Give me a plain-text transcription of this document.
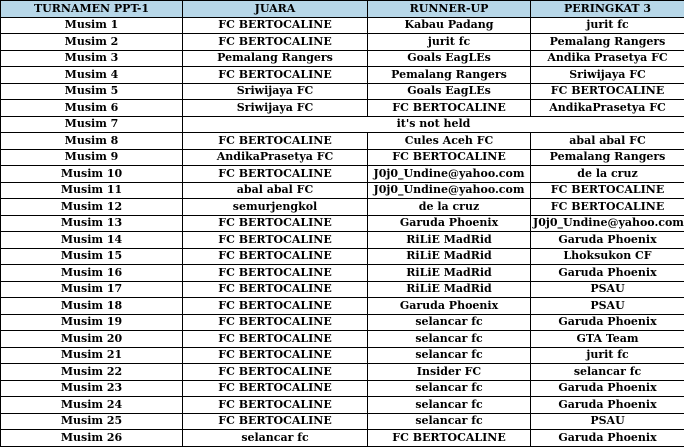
TURNAMEN PPT-1	JUARA	RUNNER-UP	PERINGKAT 3
Musim 1	FC BERTOCALINE	Kabau Padang	jurit fc
Musim 2	FC BERTOCALINE	jurit fc	Pemalang Rangers
Musim 3	Pemalang Rangers	Goals EagLEs	Andika Prasetya FC
Musim 4	FC BERTOCALINE	Pemalang Rangers	Sriwijaya FC
Musim 5	Sriwijaya FC	Goals EagLEs	FC BERTOCALINE
Musim 6	Sriwijaya FC	FC BERTOCALINE	AndikaPrasetya FC
Musim 7	it's not held		
Musim 8	FC BERTOCALINE	Cules Aceh FC	abal abal FC
Musim 9	AndikaPrasetya FC	FC BERTOCALINE	Pemalang Rangers
Musim 10	FC BERTOCALINE	J0j0_Undine@yahoo.com	de la cruz
Musim 11	abal abal FC	J0j0_Undine@yahoo.com	FC BERTOCALINE
Musim 12	semurjengkol	de la cruz	FC BERTOCALINE
Musim 13	FC BERTOCALINE	Garuda Phoenix	J0j0_Undine@yahoo.com
Musim 14	FC BERTOCALINE	RiLiE MadRid	Garuda Phoenix
Musim 15	FC BERTOCALINE	RiLiE MadRid	Lhoksukon CF
Musim 16	FC BERTOCALINE	RiLiE MadRid	Garuda Phoenix
Musim 17	FC BERTOCALINE	RiLiE MadRid	PSAU
Musim 18	FC BERTOCALINE	Garuda Phoenix	PSAU
Musim 19	FC BERTOCALINE	selancar fc	Garuda Phoenix
Musim 20	FC BERTOCALINE	selancar fc	GTA Team
Musim 21	FC BERTOCALINE	selancar fc	jurit fc
Musim 22	FC BERTOCALINE	Insider FC	selancar fc
Musim 23	FC BERTOCALINE	selancar fc	Garuda Phoenix
Musim 24	FC BERTOCALINE	selancar fc	Garuda Phoenix
Musim 25	FC BERTOCALINE	selancar fc	PSAU
Musim 26	selancar fc	FC BERTOCALINE	Garuda Phoenix
